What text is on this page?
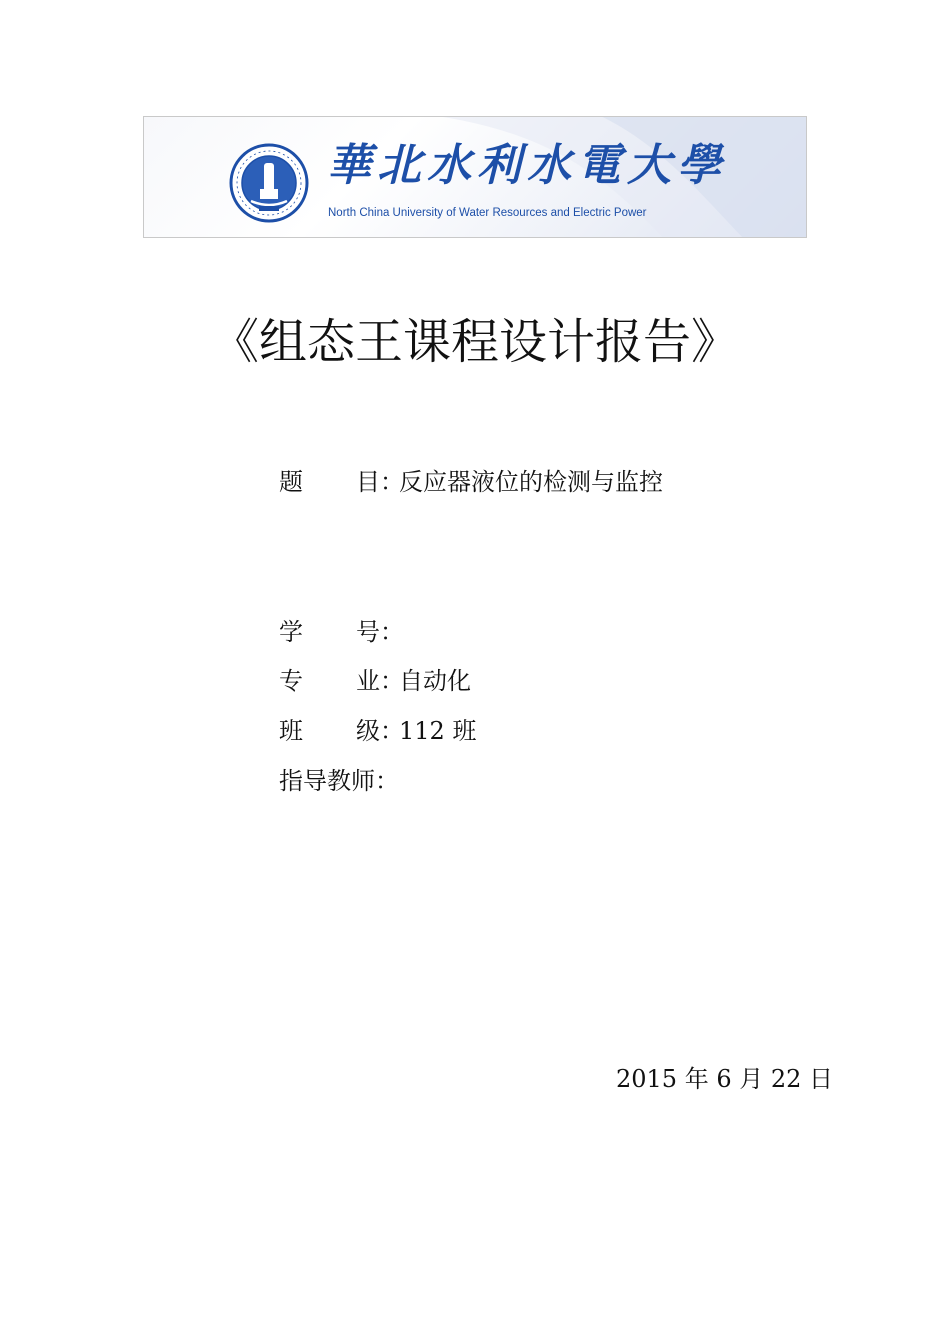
華北水利水電大學
North China University of Water Resources and Electric Power
《组态王课程设计报告》
题 目：反应器液位的检测与监控
学 号：
专 业：自动化
班 级：112 班
指导教师：
2015 年 6 月 22 日
